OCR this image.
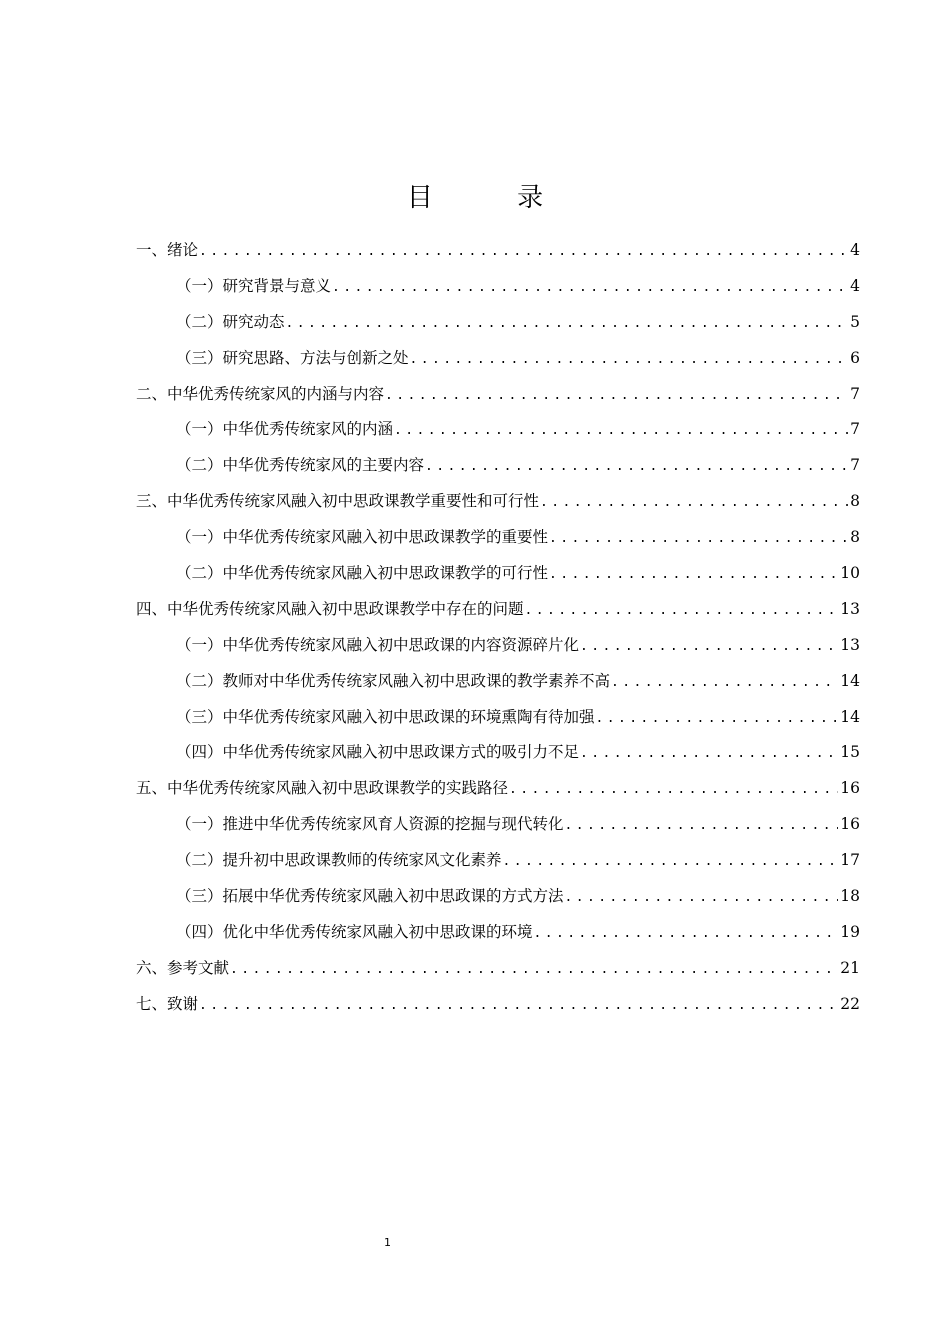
目 录
一、绪论 .....	4
（一）研究背景与意义 .....	4
（二）研究动态 .....	5
（三）研究思路、方法与创新之处 .....	6
二、中华优秀传统家风的内涵与内容 .....	7
（一）中华优秀传统家风的内涵 .....	7
（二）中华优秀传统家风的主要内容 .....	7
三、中华优秀传统家风融入初中思政课教学重要性和可行性 .....	8
（一）中华优秀传统家风融入初中思政课教学的重要性 .....	8
（二）中华优秀传统家风融入初中思政课教学的可行性 .....	10
四、中华优秀传统家风融入初中思政课教学中存在的问题 .....	13
（一）中华优秀传统家风融入初中思政课的内容资源碎片化 .....	13
（二）教师对中华优秀传统家风融入初中思政课的教学素养不高 .....	14
（三）中华优秀传统家风融入初中思政课的环境熏陶有待加强 .....	14
（四）中华优秀传统家风融入初中思政课方式的吸引力不足 .....	15
五、中华优秀传统家风融入初中思政课教学的实践路径 .....	16
（一）推进中华优秀传统家风育人资源的挖掘与现代转化 .....	16
（二）提升初中思政课教师的传统家风文化素养 .....	17
（三）拓展中华优秀传统家风融入初中思政课的方式方法 .....	18
（四）优化中华优秀传统家风融入初中思政课的环境 .....	19
六、参考文献 .....	21
七、致谢 .....	22
1
